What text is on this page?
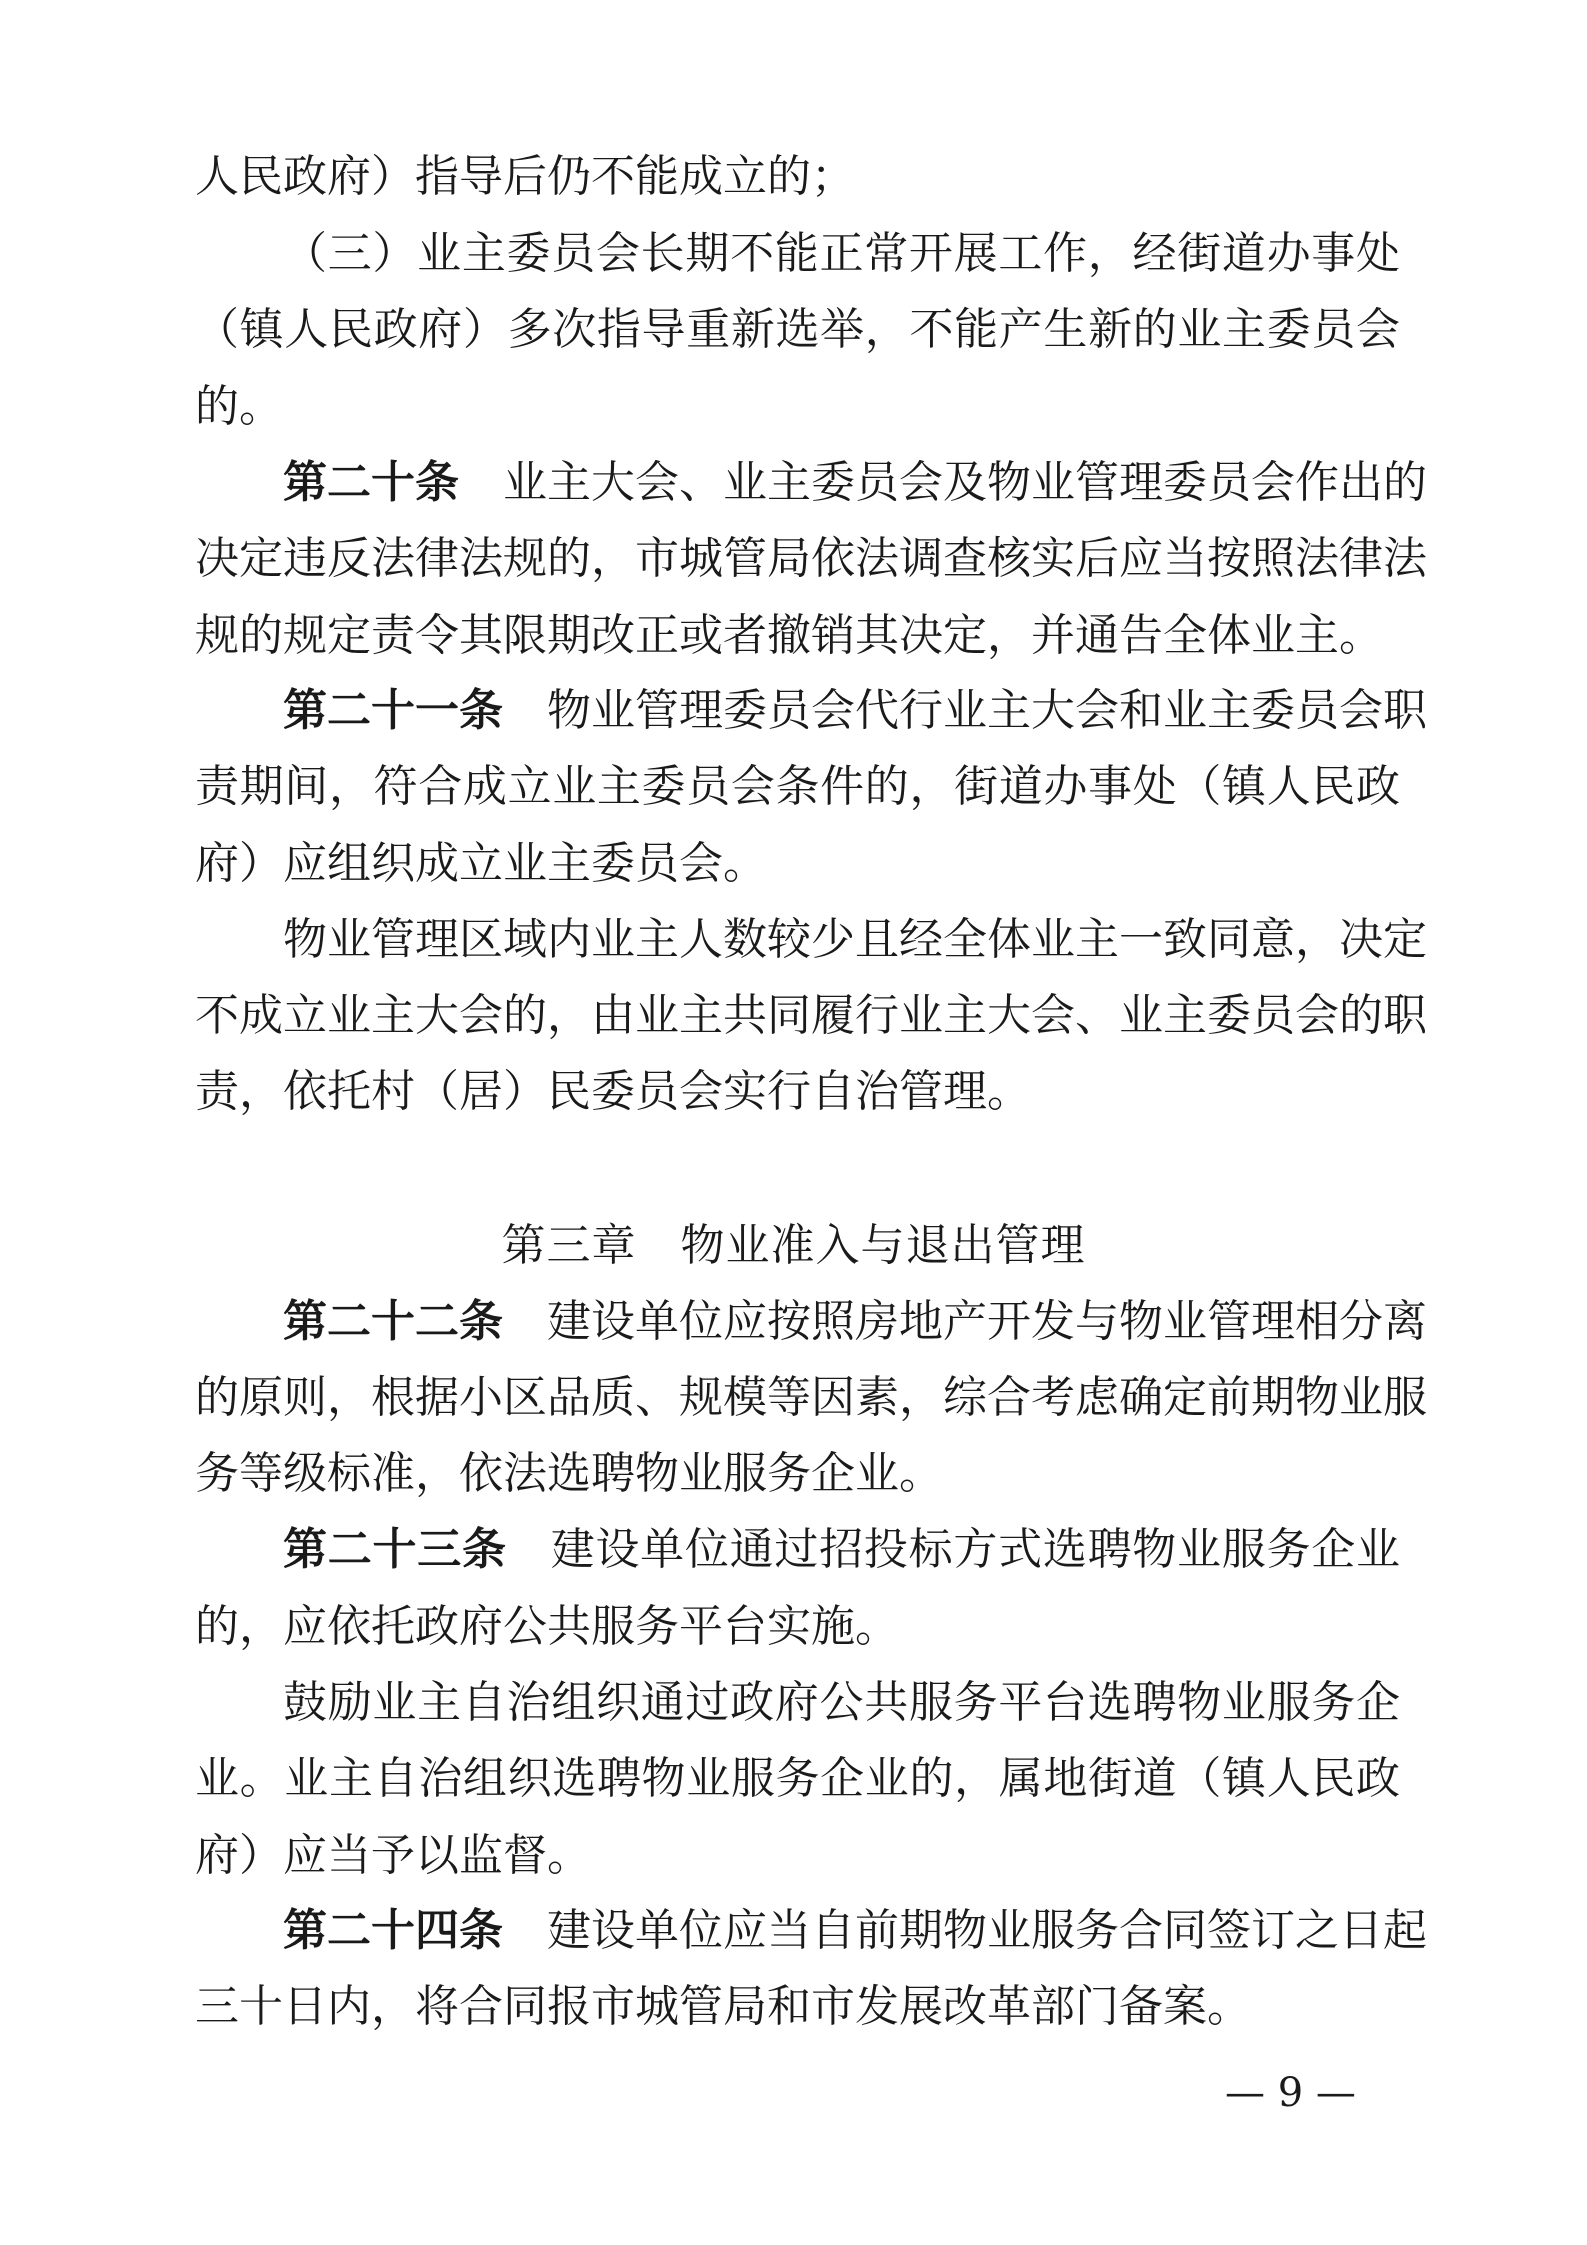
人民政府）指导后仍不能成立的；
（三）业主委员会长期不能正常开展工作，经街道办事处
（镇人民政府）多次指导重新选举，不能产生新的业主委员会
的。
第二十条 业主大会、业主委员会及物业管理委员会作出的
决定违反法律法规的，市城管局依法调查核实后应当按照法律法
规的规定责令其限期改正或者撤销其决定，并通告全体业主。
第二十一条 物业管理委员会代行业主大会和业主委员会职
责期间，符合成立业主委员会条件的，街道办事处（镇人民政
府）应组织成立业主委员会。
物业管理区域内业主人数较少且经全体业主一致同意，决定
不成立业主大会的，由业主共同履行业主大会、业主委员会的职
责，依托村（居）民委员会实行自治管理。
第三章 物业准入与退出管理
第二十二条 建设单位应按照房地产开发与物业管理相分离
的原则，根据小区品质、规模等因素，综合考虑确定前期物业服
务等级标准，依法选聘物业服务企业。
第二十三条 建设单位通过招投标方式选聘物业服务企业
的，应依托政府公共服务平台实施。
鼓励业主自治组织通过政府公共服务平台选聘物业服务企
业。业主自治组织选聘物业服务企业的，属地街道（镇人民政
府）应当予以监督。
第二十四条 建设单位应当自前期物业服务合同签订之日起
三十日内，将合同报市城管局和市发展改革部门备案。
— 9 —
